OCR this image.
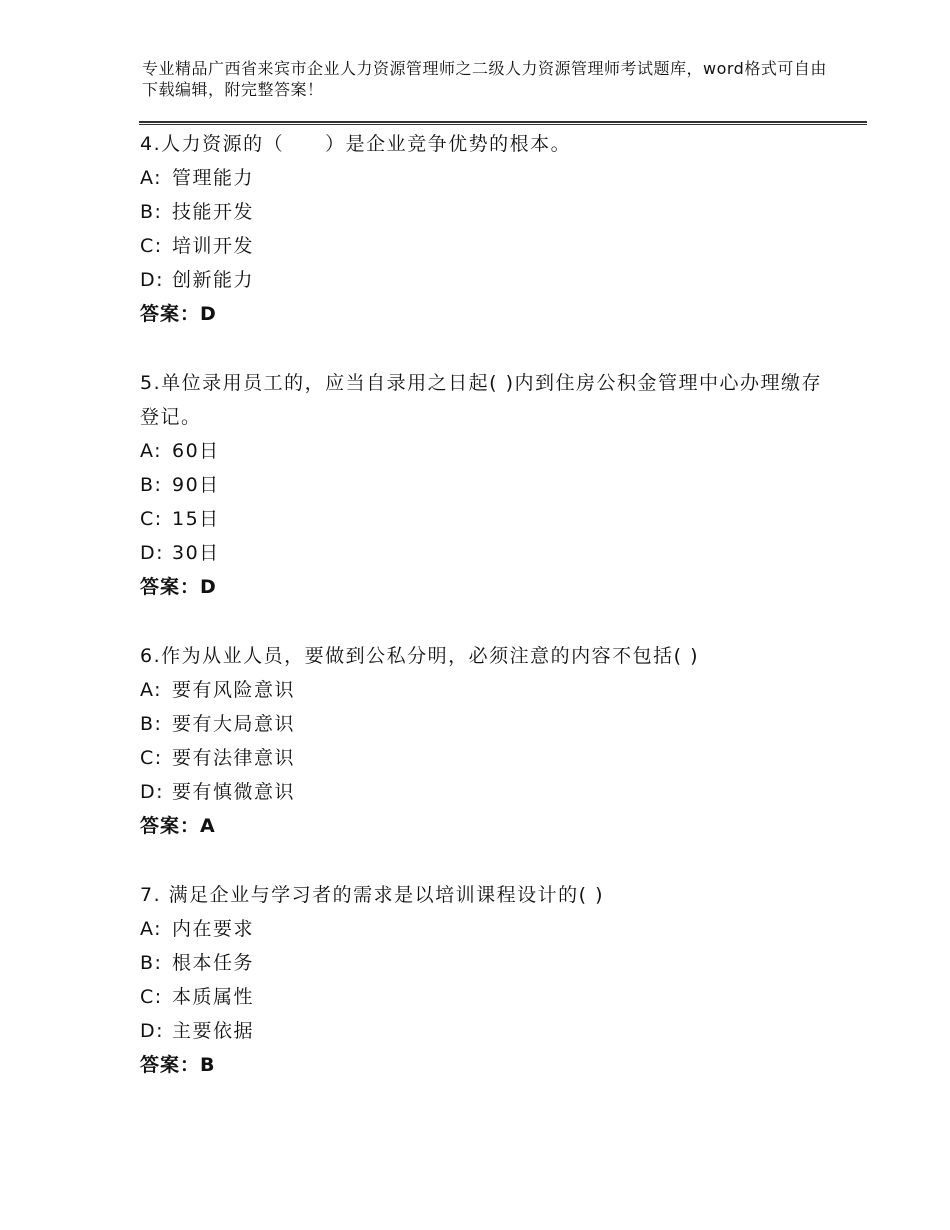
专业精品广西省来宾市企业人力资源管理师之二级人力资源管理师考试题库，word格式可自由下载编辑，附完整答案！

4.人力资源的（　　）是企业竞争优势的根本。

A: 管理能力

B: 技能开发

C: 培训开发

D: 创新能力

答案：D

5.单位录用员工的，应当自录用之日起( )内到住房公积金管理中心办理缴存登记。

A: 60日

B: 90日

C: 15日

D: 30日

答案：D

6.作为从业人员，要做到公私分明，必须注意的内容不包括( )

A: 要有风险意识

B: 要有大局意识

C: 要有法律意识

D: 要有慎微意识

答案：A

7. 满足企业与学习者的需求是以培训课程设计的( )

A: 内在要求

B: 根本任务

C: 本质属性

D: 主要依据

答案：B
